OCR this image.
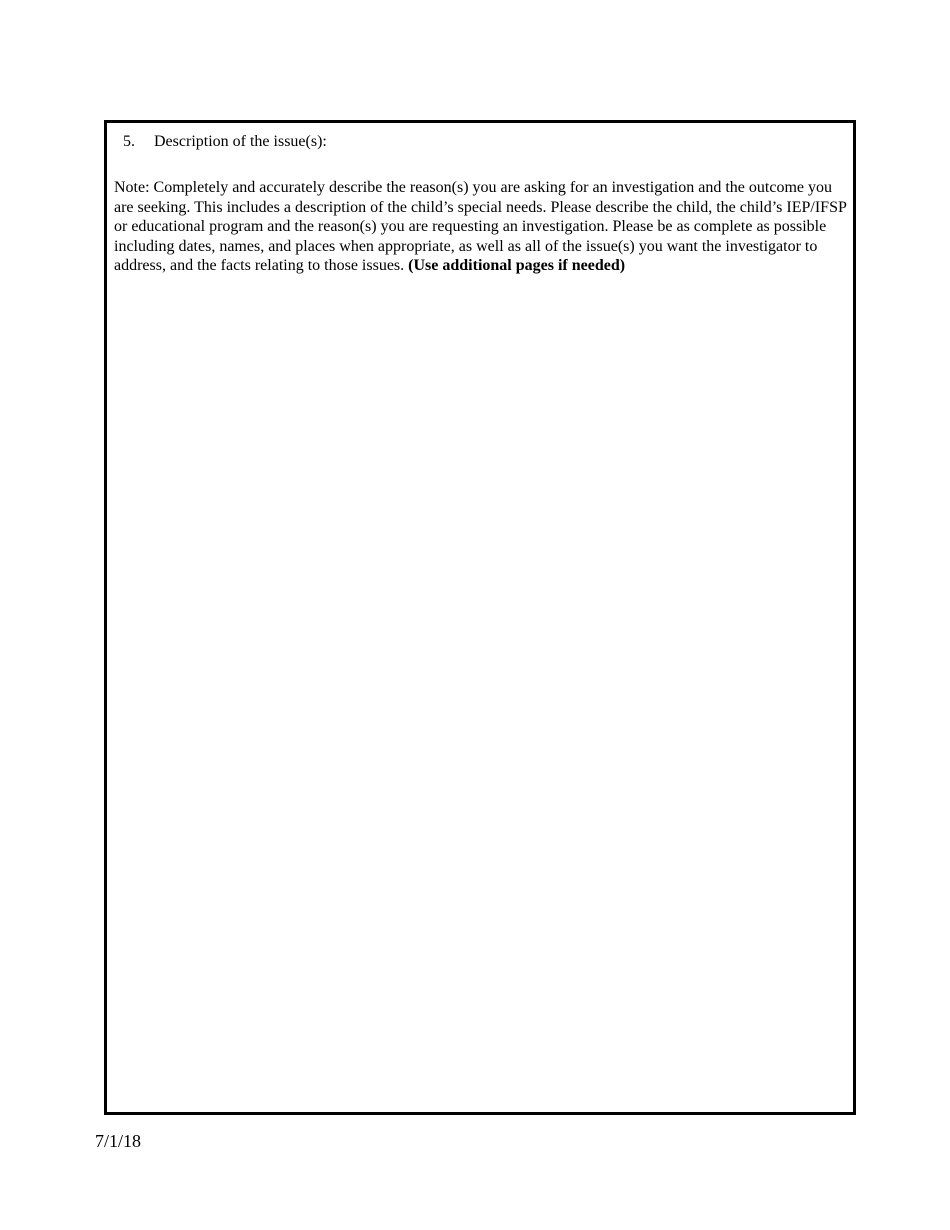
5. Description of the issue(s):

Note: Completely and accurately describe the reason(s) you are asking for an investigation and the outcome you are seeking. This includes a description of the child’s special needs. Please describe the child, the child’s IEP/IFSP or educational program and the reason(s) you are requesting an investigation. Please be as complete as possible including dates, names, and places when appropriate, as well as all of the issue(s) you want the investigator to address, and the facts relating to those issues. (Use additional pages if needed)

7/1/18
